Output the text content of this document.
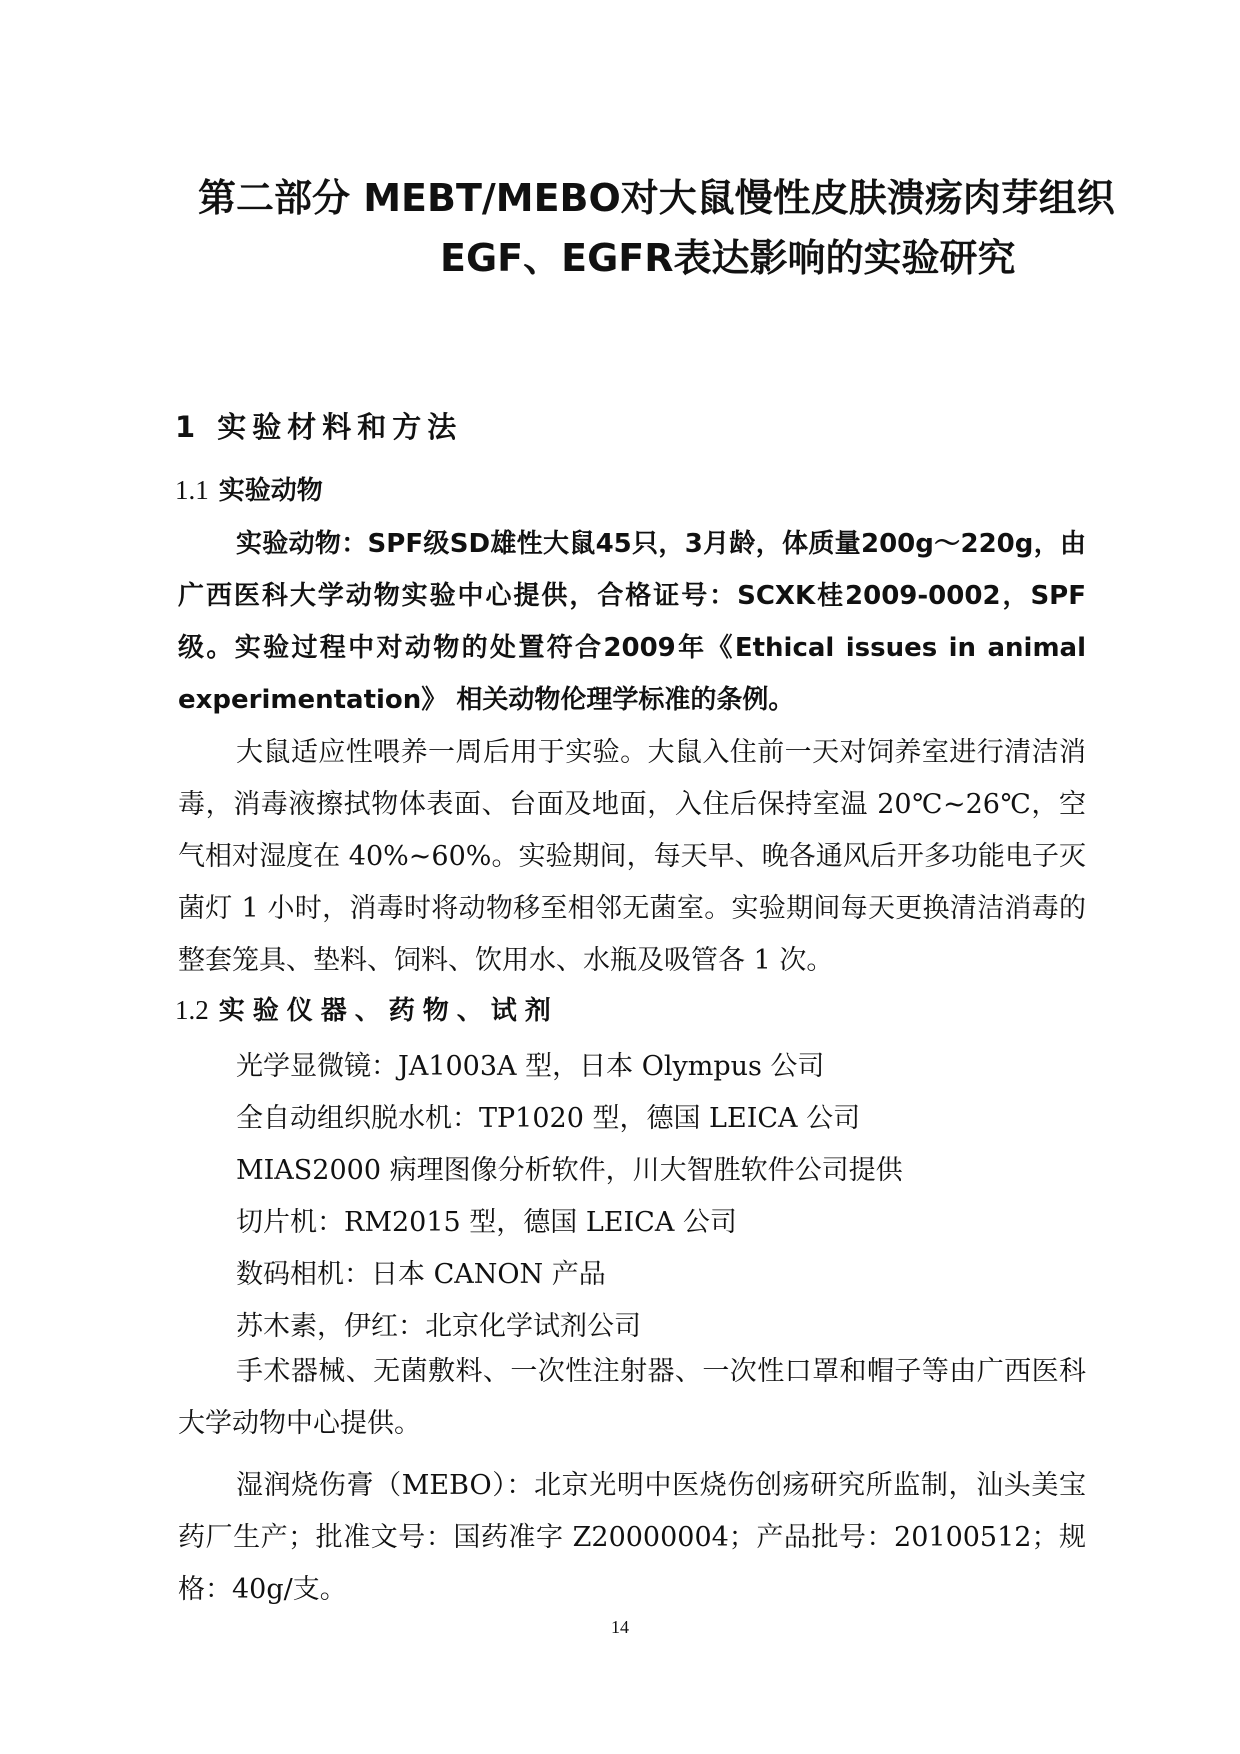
第二部分 MEBT/MEBO对大鼠慢性皮肤溃疡肉芽组织
EGF、EGFR表达影响的实验研究
1 实验材料和方法
1.1 实验动物
实验动物：SPF级SD雄性大鼠45只，3月龄，体质量200g～220g，由广西医科大学动物实验中心提供，合格证号：SCXK桂2009-0002，SPF级。实验过程中对动物的处置符合2009年《Ethical issues in animal experimentation》 相关动物伦理学标准的条例。
大鼠适应性喂养一周后用于实验。大鼠入住前一天对饲养室进行清洁消毒，消毒液擦拭物体表面、台面及地面，入住后保持室温 20℃~26℃，空气相对湿度在 40%~60%。实验期间，每天早、晚各通风后开多功能电子灭菌灯 1 小时，消毒时将动物移至相邻无菌室。实验期间每天更换清洁消毒的整套笼具、垫料、饲料、饮用水、水瓶及吸管各 1 次。
1.2 实验仪器、药物、试剂
光学显微镜：JA1003A 型，日本 Olympus 公司
全自动组织脱水机：TP1020 型，德国 LEICA 公司
MIAS2000 病理图像分析软件，川大智胜软件公司提供
切片机：RM2015 型，德国 LEICA 公司
数码相机：日本 CANON 产品
苏木素，伊红：北京化学试剂公司
手术器械、无菌敷料、一次性注射器、一次性口罩和帽子等由广西医科大学动物中心提供。
湿润烧伤膏（MEBO）：北京光明中医烧伤创疡研究所监制，汕头美宝药厂生产；批准文号：国药准字 Z20000004；产品批号：20100512；规格：40g/支。
14
